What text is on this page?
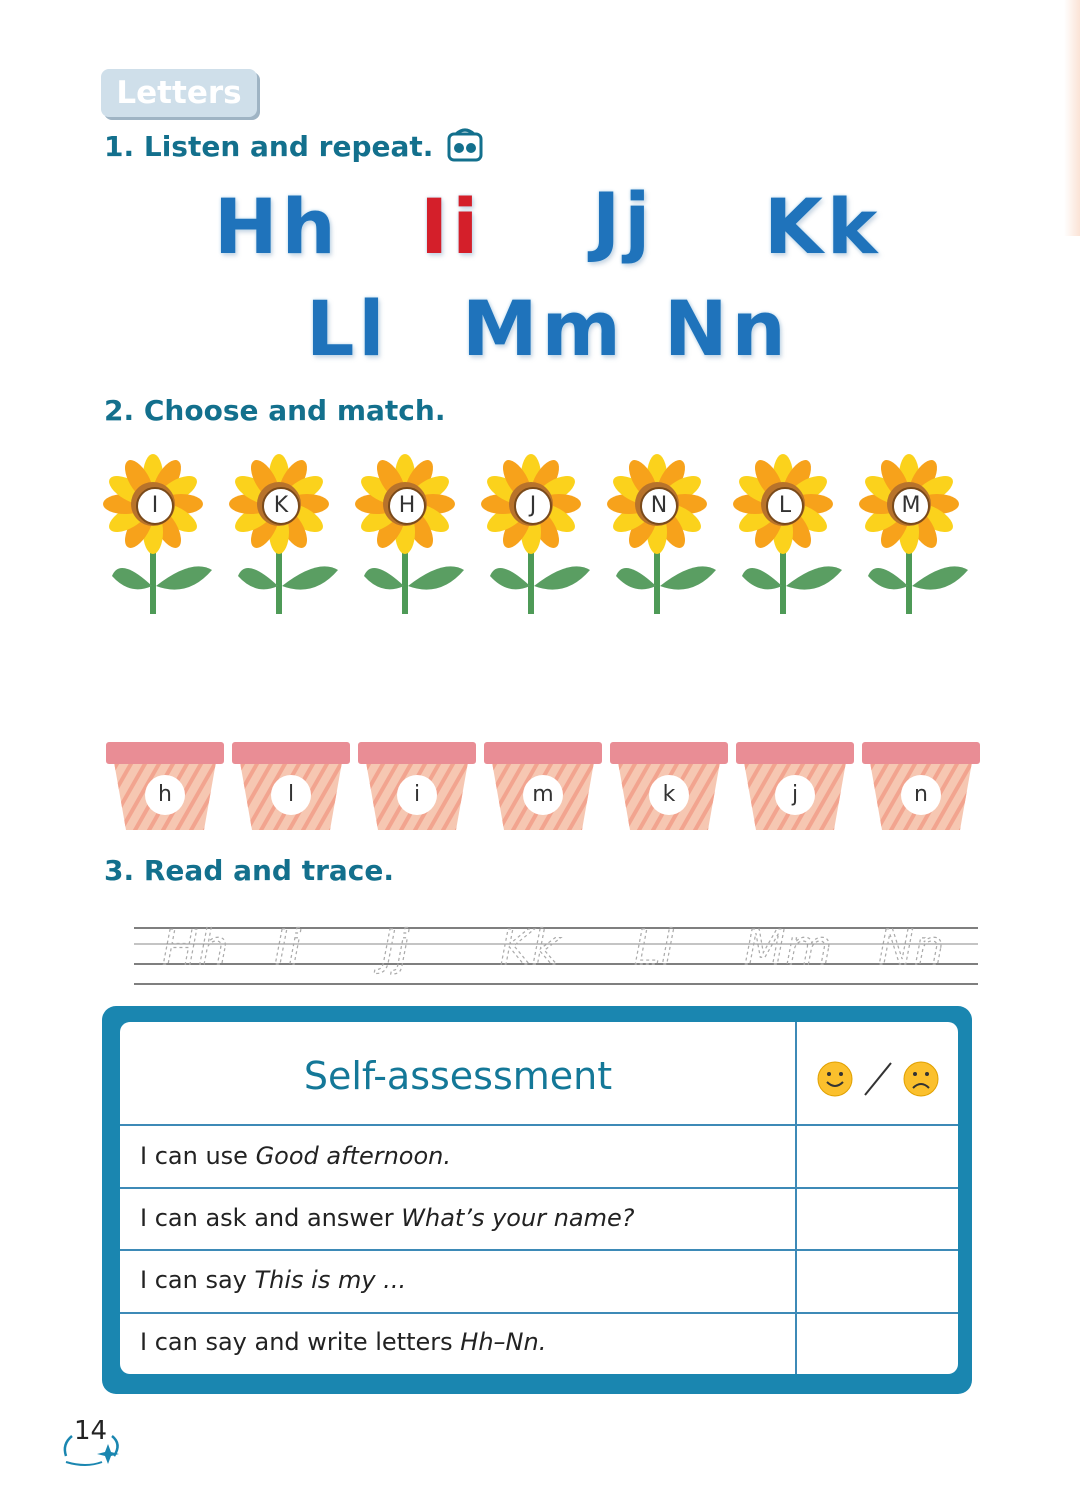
Letters
1. Listen and repeat.
Hh Ii Jj Kk
Ll Mm Nn
2. Choose and match.
I	K	H	J	N	L	M
h	l	i	m	k	j	n
3. Read and trace.
Hh Ii Jj Kk Ll Mm Nn
Self-assessment
I can use Good afternoon.
I can ask and answer What’s your name?
I can say This is my ...
I can say and write letters Hh–Nn.
14
